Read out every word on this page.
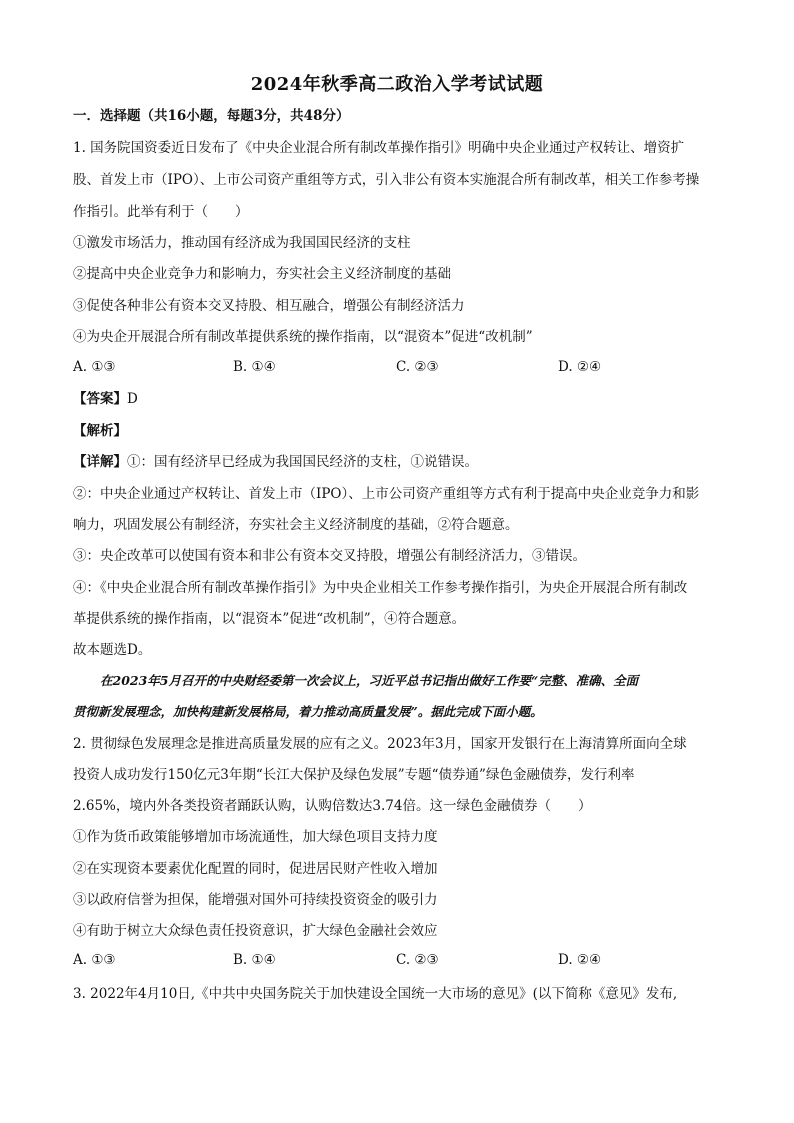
2024年秋季高二政治入学考试试题
一．选择题（共16小题，每题3分，共48分）
1. 国务院国资委近日发布了《中央企业混合所有制改革操作指引》明确中央企业通过产权转让、增资扩
股、首发上市（IPO）、上市公司资产重组等方式，引入非公有资本实施混合所有制改革，相关工作参考操
作指引。此举有利于（　　）
①激发市场活力，推动国有经济成为我国国民经济的支柱
②提高中央企业竞争力和影响力，夯实社会主义经济制度的基础
③促使各种非公有资本交叉持股、相互融合，增强公有制经济活力
④为央企开展混合所有制改革提供系统的操作指南，以“混资本”促进“改机制”
A. ①③	B. ①④	C. ②③	D. ②④
【答案】D
【解析】
【详解】①：国有经济早已经成为我国国民经济的支柱，①说错误。
②：中央企业通过产权转让、首发上市（IPO）、上市公司资产重组等方式有利于提高中央企业竞争力和影
响力，巩固发展公有制经济，夯实社会主义经济制度的基础，②符合题意。
③：央企改革可以使国有资本和非公有资本交叉持股，增强公有制经济活力，③错误。
④：《中央企业混合所有制改革操作指引》为中央企业相关工作参考操作指引，为央企开展混合所有制改
革提供系统的操作指南，以“混资本”促进“改机制”，④符合题意。
故本题选D。
在2023年5月召开的中央财经委第一次会议上，习近平总书记指出做好工作要“完整、准确、全面
贯彻新发展理念，加快构建新发展格局，着力推动高质量发展”。据此完成下面小题。
2. 贯彻绿色发展理念是推进高质量发展的应有之义。2023年3月，国家开发银行在上海清算所面向全球
投资人成功发行150亿元3年期“长江大保护及绿色发展”专题“债券通”绿色金融债券，发行利率
2.65%，境内外各类投资者踊跃认购，认购倍数达3.74倍。这一绿色金融债券（　　）
①作为货币政策能够增加市场流通性，加大绿色项目支持力度
②在实现资本要素优化配置的同时，促进居民财产性收入增加
③以政府信誉为担保，能增强对国外可持续投资资金的吸引力
④有助于树立大众绿色责任投资意识，扩大绿色金融社会效应
A. ①③	B. ①④	C. ②③	D. ②④
3. 2022年4月10日,《中共中央国务院关于加快建设全国统一大市场的意见》(以下简称《意见》发布,
